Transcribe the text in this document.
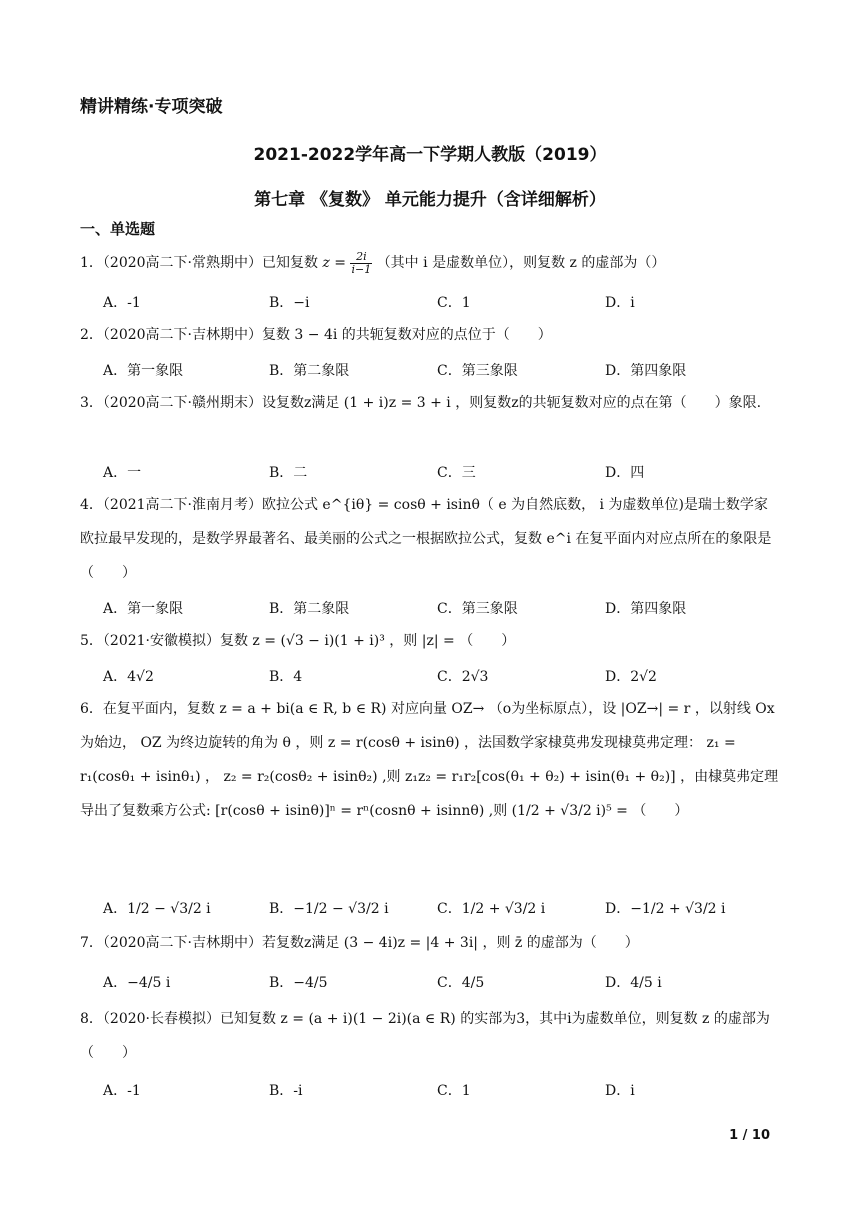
精讲精练·专项突破
2021-2022学年高一下学期人教版（2019）
第七章 《复数》 单元能力提升（含详细解析）
一、单选题
1．（2020高二下·常熟期中）已知复数 $z = \frac{2i}{i-1}$ （其中 i 是虚数单位），则复数 z 的虚部为（）
A．-1	B．−i	C．1	D．i
2．（2020高二下·吉林期中）复数 3 − 4i 的共轭复数对应的点位于（　　）
A．第一象限	B．第二象限	C．第三象限	D．第四象限
3．（2020高二下·赣州期末）设复数z满足 (1 + i)z = 3 + i ，则复数z的共轭复数对应的点在第（　　）象限.
A．一	B．二	C．三	D．四
4．（2021高二下·淮南月考）欧拉公式 e^{iθ} = cosθ + isinθ（ e 为自然底数， i 为虚数单位)是瑞士数学家欧拉最早发现的，是数学界最著名、最美丽的公式之一根据欧拉公式，复数 e^i 在复平面内对应点所在的象限是（　　）
A．第一象限	B．第二象限	C．第三象限	D．第四象限
5．（2021·安徽模拟）复数 z = (√3 − i)(1 + i)³ ，则 |z| = （　　）
A．4√2	B．4	C．2√3	D．2√2
6．在复平面内，复数 z = a + bi(a ∈ R, b ∈ R) 对应向量 OZ→ （o为坐标原点），设 |OZ→| = r ，以射线 Ox 为始边， OZ 为终边旋转的角为 θ ，则 z = r(cosθ + isinθ) ，法国数学家棣莫弗发现棣莫弗定理： z₁ = r₁(cosθ₁ + isinθ₁) ， z₂ = r₂(cosθ₂ + isinθ₂) ,则 z₁z₂ = r₁r₂[cos(θ₁ + θ₂) + isin(θ₁ + θ₂)] ，由棣莫弗定理导出了复数乘方公式: [r(cosθ + isinθ)]ⁿ = rⁿ(cosnθ + isinnθ) ,则 (1/2 + √3/2 i)⁵ = （　　）
A．1/2 − √3/2 i	B．−1/2 − √3/2 i	C．1/2 + √3/2 i	D．−1/2 + √3/2 i
7．（2020高二下·吉林期中）若复数z满足 (3 − 4i)z = |4 + 3i| ，则 z̄ 的虚部为（　　）
A．−4/5 i	B．−4/5	C．4/5	D．4/5 i
8．（2020·长春模拟）已知复数 z = (a + i)(1 − 2i)(a ∈ R) 的实部为3，其中i为虚数单位，则复数 z 的虚部为（　　）
A．-1	B．-i	C．1	D．i
1 / 10
